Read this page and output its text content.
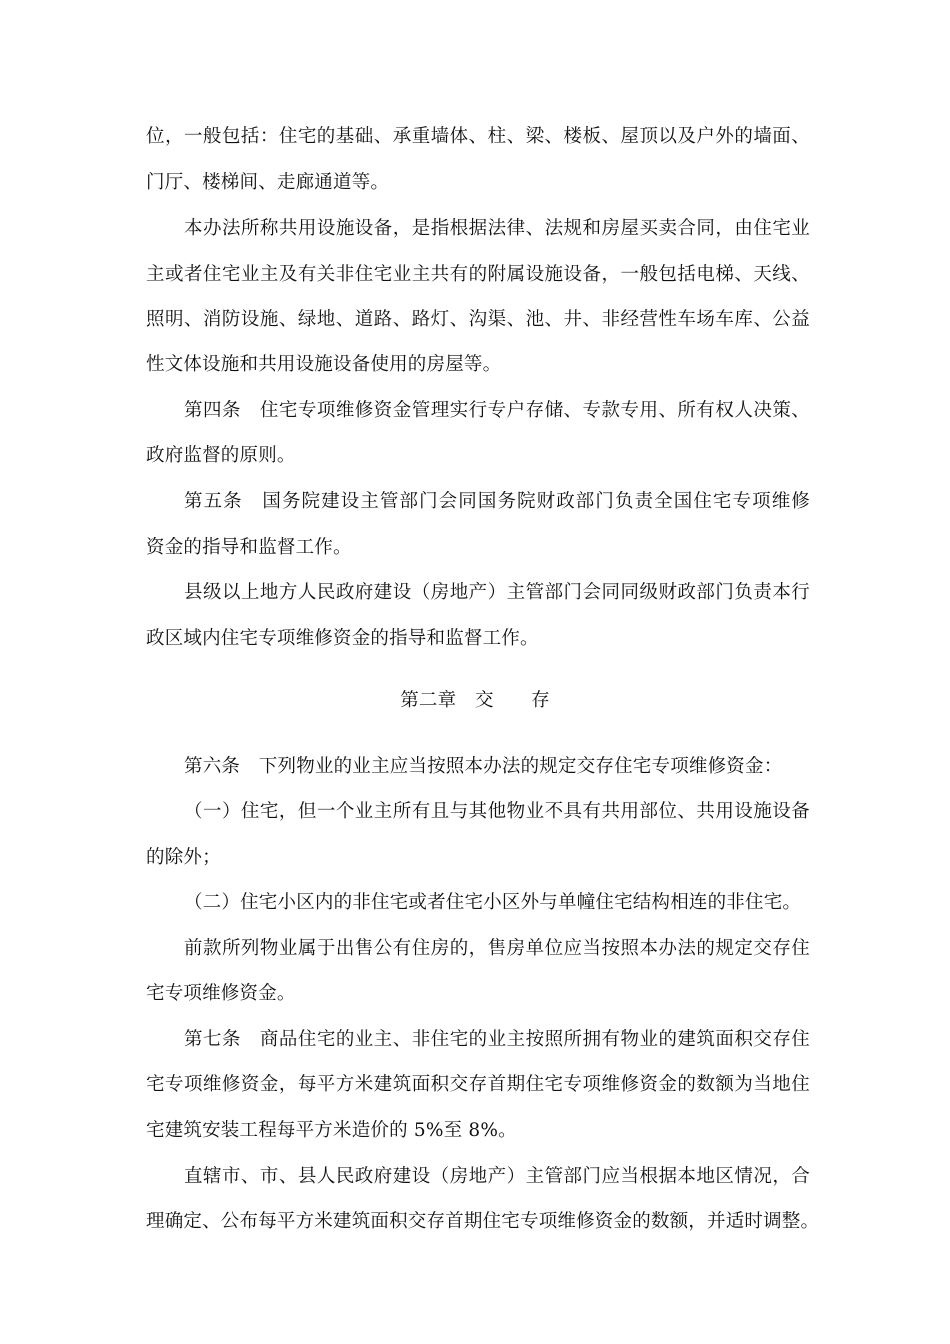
位，一般包括：住宅的基础、承重墙体、柱、梁、楼板、屋顶以及户外的墙面、
门厅、楼梯间、走廊通道等。
本办法所称共用设施设备，是指根据法律、法规和房屋买卖合同，由住宅业
主或者住宅业主及有关非住宅业主共有的附属设施设备，一般包括电梯、天线、
照明、消防设施、绿地、道路、路灯、沟渠、池、井、非经营性车场车库、公益
性文体设施和共用设施设备使用的房屋等。
第四条　住宅专项维修资金管理实行专户存储、专款专用、所有权人决策、
政府监督的原则。
第五条　国务院建设主管部门会同国务院财政部门负责全国住宅专项维修
资金的指导和监督工作。
县级以上地方人民政府建设（房地产）主管部门会同同级财政部门负责本行
政区域内住宅专项维修资金的指导和监督工作。
第二章　交　　存
第六条　下列物业的业主应当按照本办法的规定交存住宅专项维修资金：
（一）住宅，但一个业主所有且与其他物业不具有共用部位、共用设施设备
的除外；
（二）住宅小区内的非住宅或者住宅小区外与单幢住宅结构相连的非住宅。
前款所列物业属于出售公有住房的，售房单位应当按照本办法的规定交存住
宅专项维修资金。
第七条　商品住宅的业主、非住宅的业主按照所拥有物业的建筑面积交存住
宅专项维修资金，每平方米建筑面积交存首期住宅专项维修资金的数额为当地住
宅建筑安装工程每平方米造价的 5%至 8%。
直辖市、市、县人民政府建设（房地产）主管部门应当根据本地区情况，合
理确定、公布每平方米建筑面积交存首期住宅专项维修资金的数额，并适时调整。
